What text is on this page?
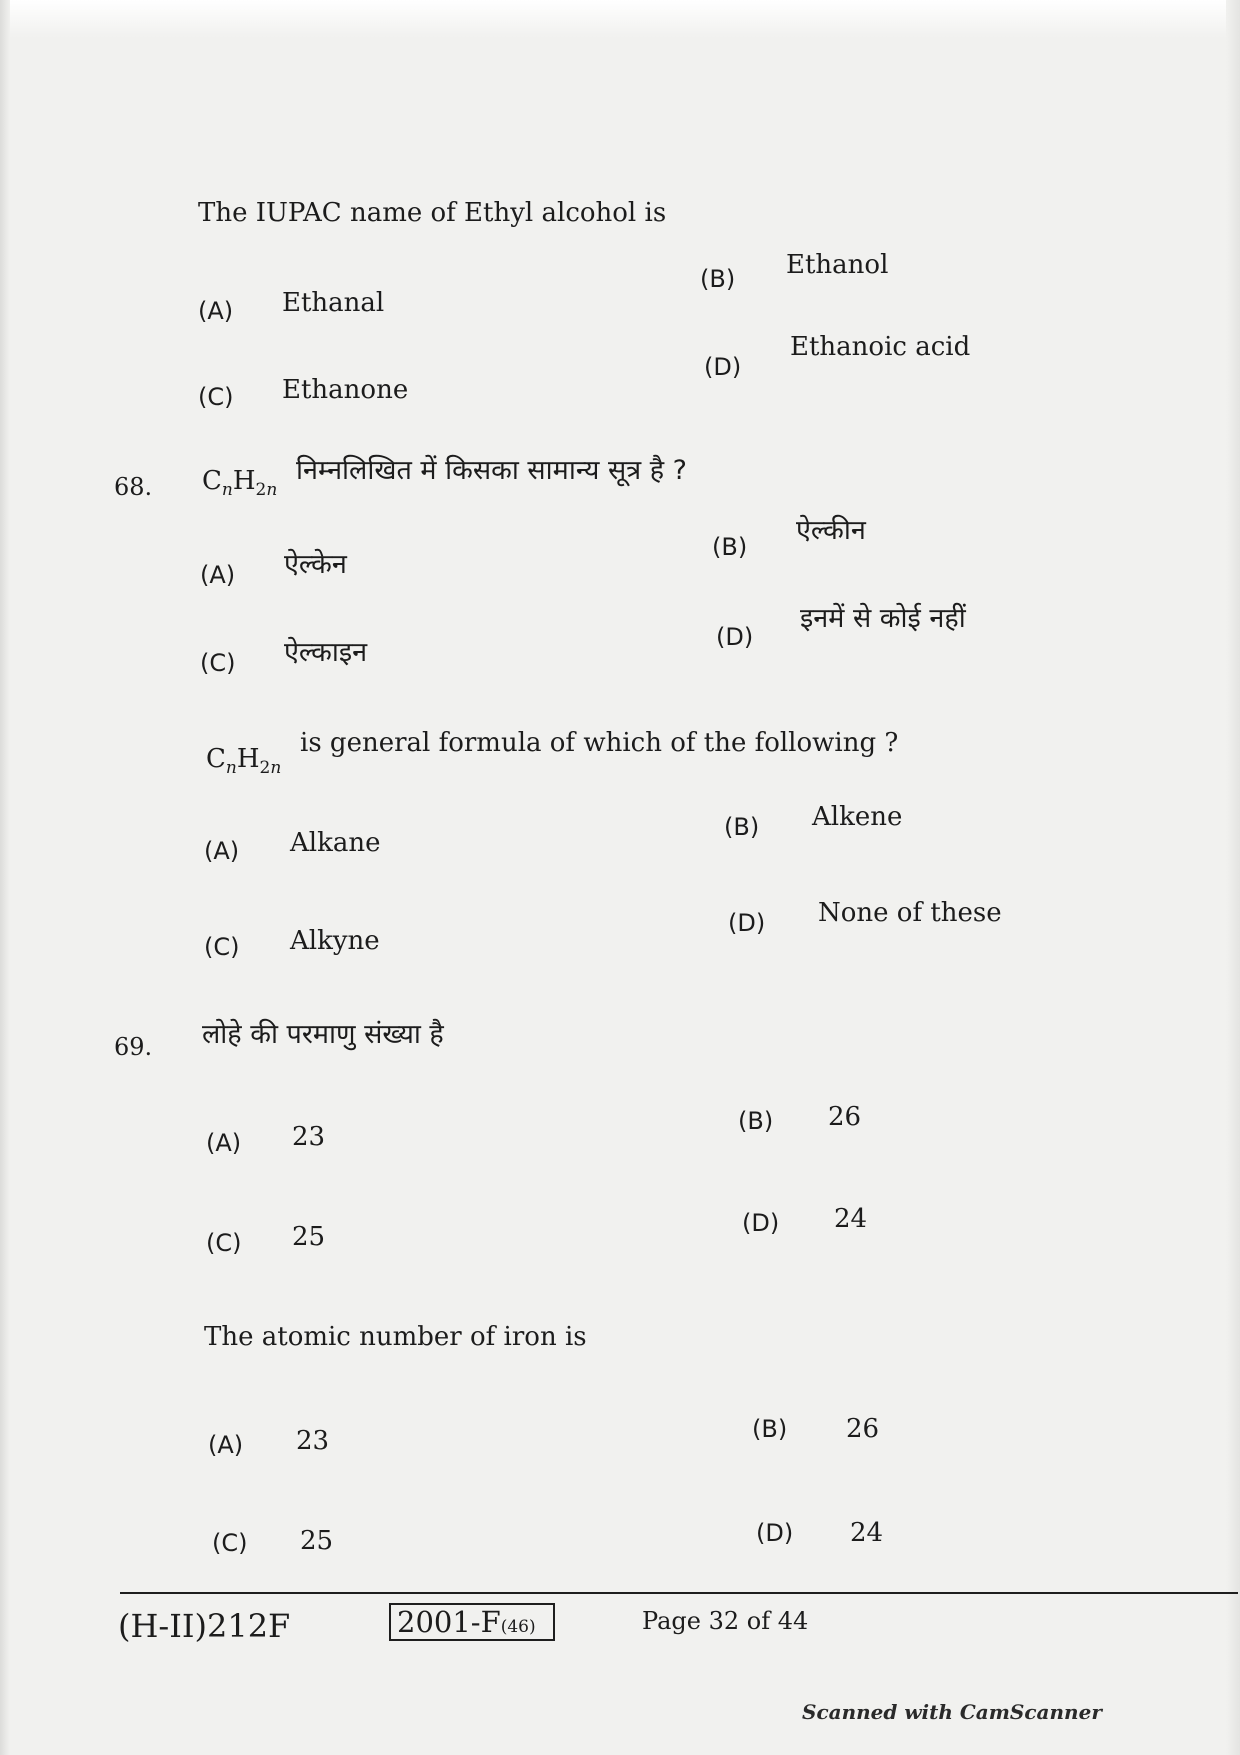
The IUPAC name of Ethyl alcohol is
(A) Ethanal
(B) Ethanol
(C) Ethanone
(D)
Ethanoic acid
68. $C_nH_{2n}$
निम्नलिखित में किसका सामान्य सूत्र है ?
(A) ऐल्केन
(B)
ऐल्कीन
(C) ऐल्काइन	(D)
इनमें से कोई नहीं
$C_nH_{2n}$
is general formula of which of the following ?
(A) Alkane
(B) Alkene
(C) Alkyne
(D) None of these
69. लोहे की परमाणु संख्या है
(A) 23
(B) 26
(C) 25	(D) 24
The atomic number of iron is
(A) 23	(B) 26
(C) 25	(D) 24
(H-II)212F	2001-F(46)	Page 32 of 44
Scanned with CamScanner
